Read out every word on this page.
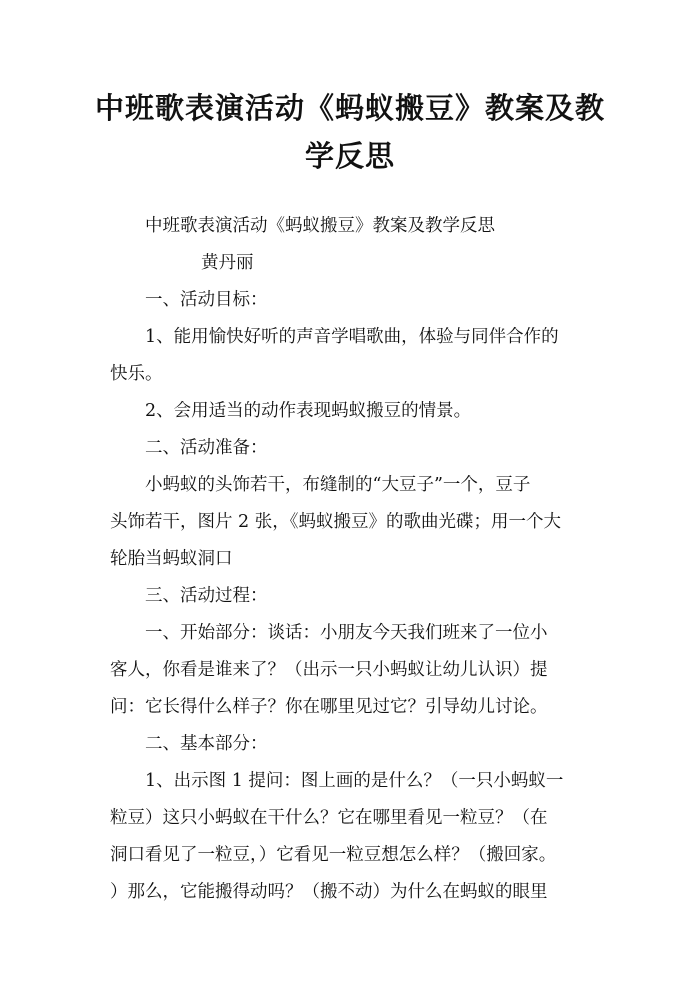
中班歌表演活动《蚂蚁搬豆》教案及教
学反思
中班歌表演活动《蚂蚁搬豆》教案及教学反思
黄丹丽
一、活动目标：
1、能用愉快好听的声音学唱歌曲，体验与同伴合作的
快乐。
2、会用适当的动作表现蚂蚁搬豆的情景。
二、活动准备：
小蚂蚁的头饰若干，布缝制的“大豆子”一个，豆子
头饰若干，图片 2 张，《蚂蚁搬豆》的歌曲光碟；用一个大
轮胎当蚂蚁洞口
三、活动过程：
一、开始部分：谈话：小朋友今天我们班来了一位小
客人，你看是谁来了？（出示一只小蚂蚁让幼儿认识）提
问：它长得什么样子？你在哪里见过它？引导幼儿讨论。
二、基本部分：
1、出示图 1 提问：图上画的是什么？（一只小蚂蚁一
粒豆）这只小蚂蚁在干什么？它在哪里看见一粒豆？（在
洞口看见了一粒豆，）它看见一粒豆想怎么样？（搬回家。
）那么，它能搬得动吗？（搬不动）为什么在蚂蚁的眼里
